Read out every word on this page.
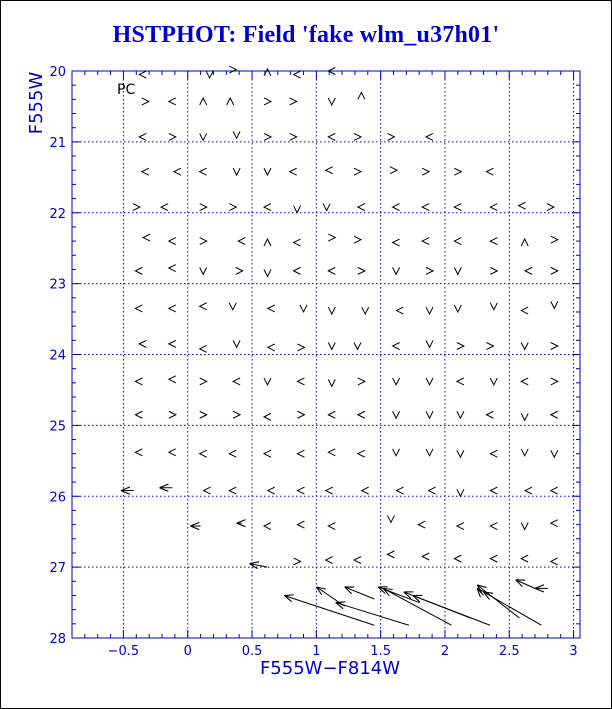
HSTPHOT: Field 'fake wlm_u37h01'
−0.5	0	0.5	1	1.5	2	2.5	3
20
21
22
23
24
25
26
27
28
PC
F555W−F814W
F555W
